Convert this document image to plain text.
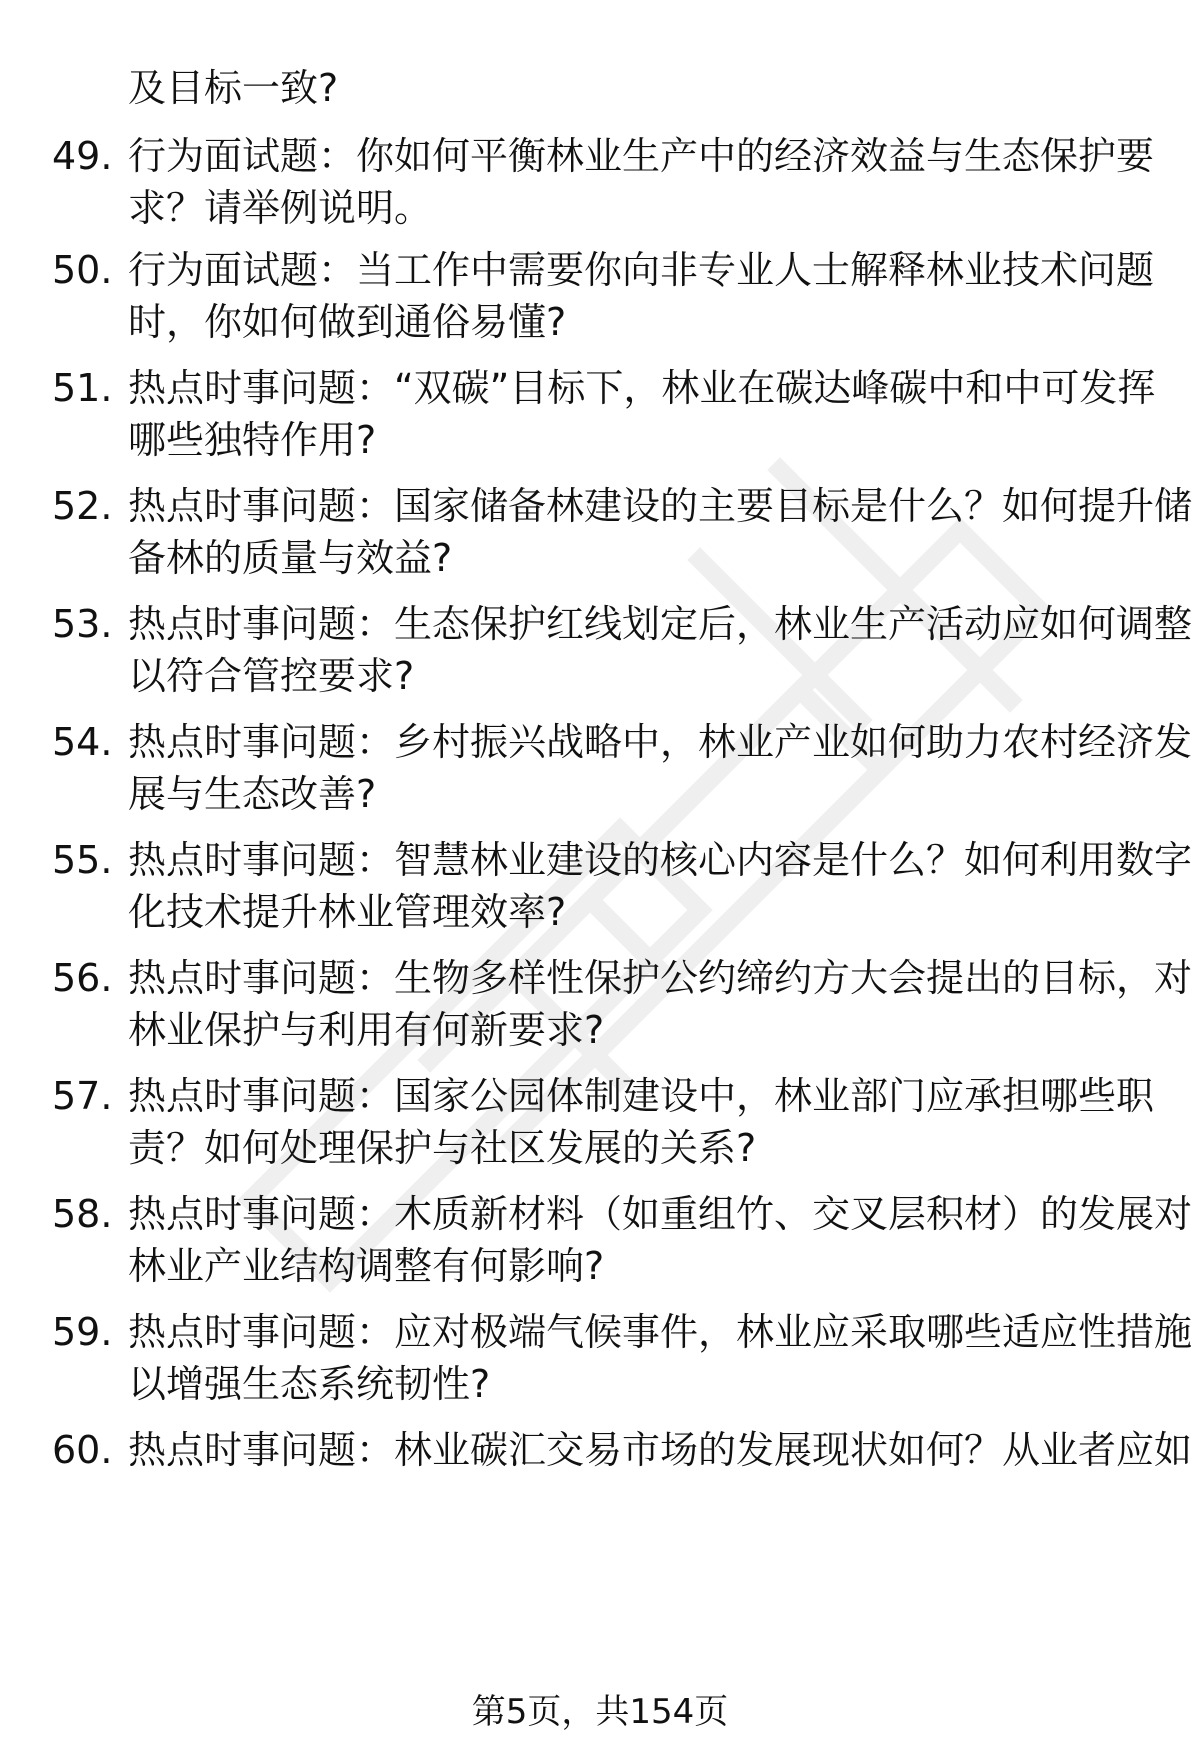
及目标一致?
49. 行为面试题：你如何平衡林业生产中的经济效益与生态保护要
求？请举例说明。
50. 行为面试题：当工作中需要你向非专业人士解释林业技术问题
时，你如何做到通俗易懂?
51. 热点时事问题：“双碳”目标下，林业在碳达峰碳中和中可发挥
哪些独特作用?
52. 热点时事问题：国家储备林建设的主要目标是什么？如何提升储
备林的质量与效益?
53. 热点时事问题：生态保护红线划定后，林业生产活动应如何调整
以符合管控要求?
54. 热点时事问题：乡村振兴战略中，林业产业如何助力农村经济发
展与生态改善?
55. 热点时事问题：智慧林业建设的核心内容是什么？如何利用数字
化技术提升林业管理效率?
56. 热点时事问题：生物多样性保护公约缔约方大会提出的目标，对
林业保护与利用有何新要求?
57. 热点时事问题：国家公园体制建设中，林业部门应承担哪些职
责？如何处理保护与社区发展的关系?
58. 热点时事问题：木质新材料（如重组竹、交叉层积材）的发展对
林业产业结构调整有何影响?
59. 热点时事问题：应对极端气候事件，林业应采取哪些适应性措施
以增强生态系统韧性?
60. 热点时事问题：林业碳汇交易市场的发展现状如何？从业者应如
第5页，共154页
